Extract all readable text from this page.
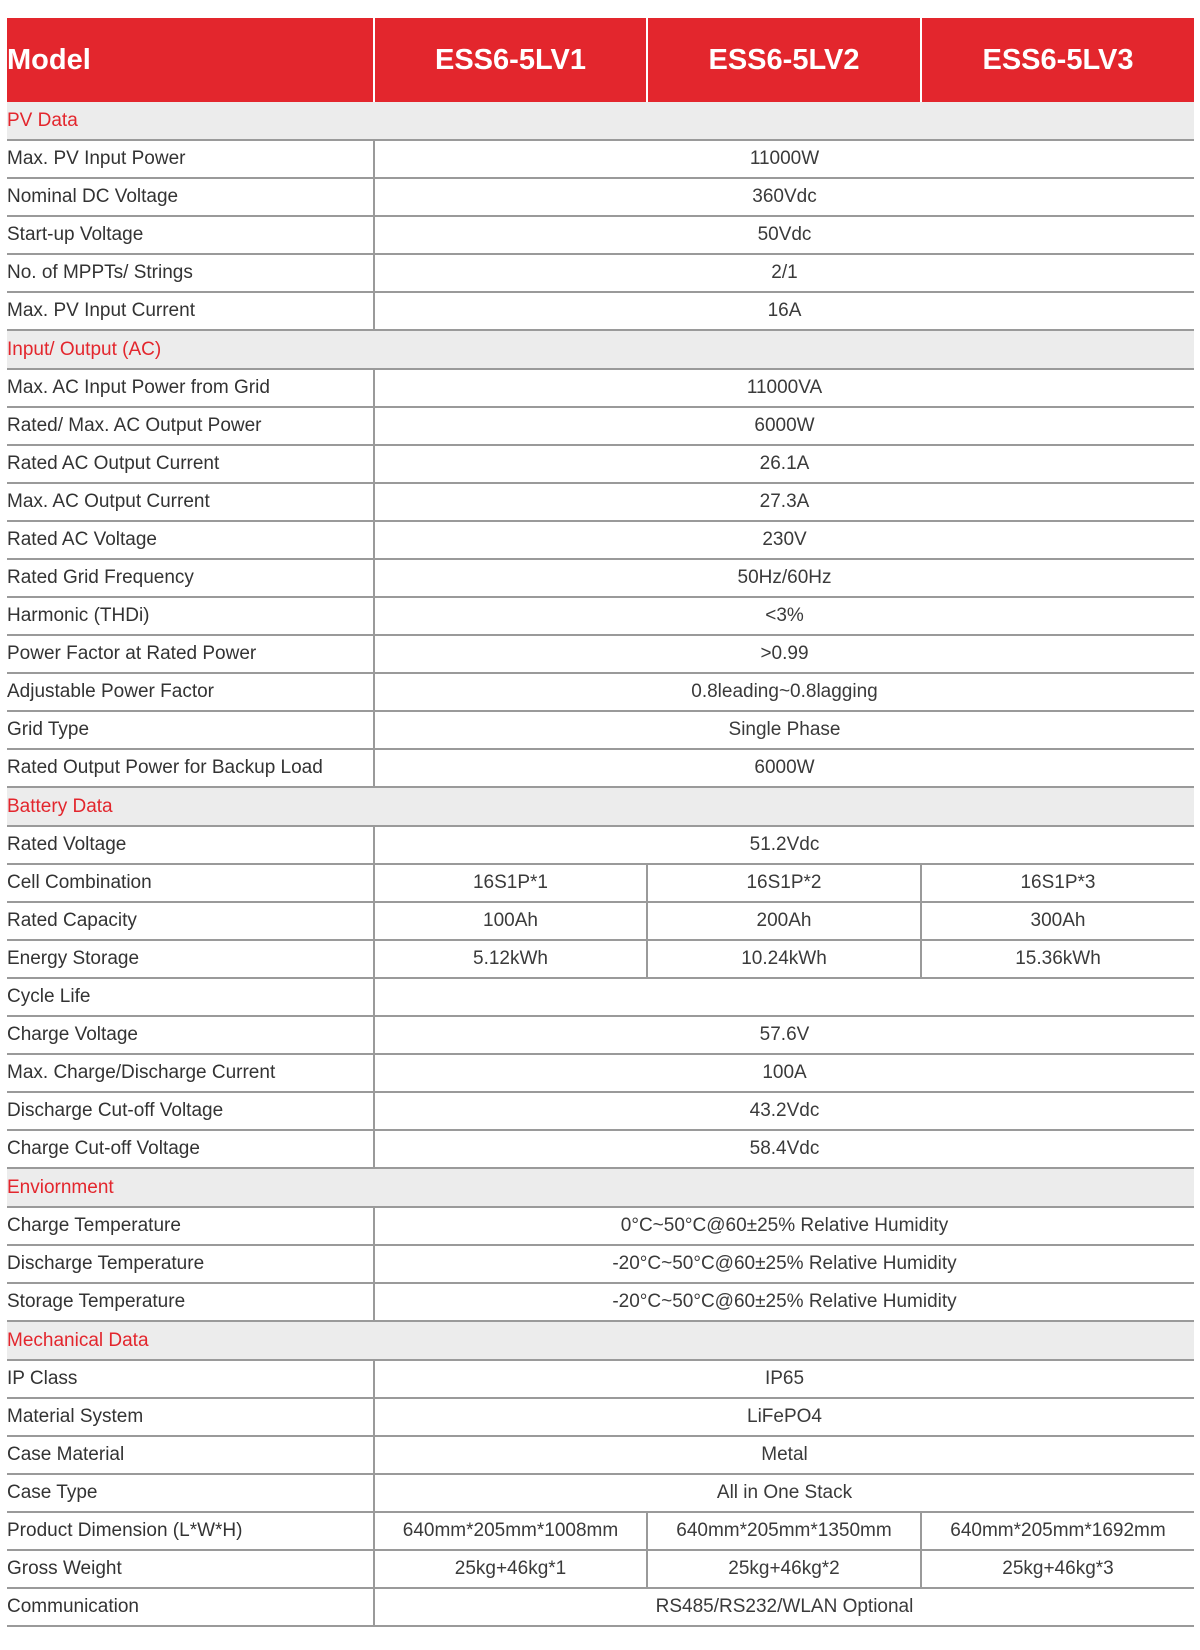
Model	ESS6-5LV1	ESS6-5LV2	ESS6-5LV3
PV Data			
Max. PV Input Power	11000W		
Nominal DC Voltage	360Vdc		
Start-up Voltage	50Vdc		
No. of MPPTs/ Strings	2/1		
Max. PV Input Current	16A		
Input/ Output (AC)			
Max. AC Input Power from Grid	11000VA		
Rated/ Max. AC Output Power	6000W		
Rated AC Output Current	26.1A		
Max. AC Output Current	27.3A		
Rated AC Voltage	230V		
Rated Grid Frequency	50Hz/60Hz		
Harmonic (THDi)	<3%		
Power Factor at Rated Power	>0.99		
Adjustable Power Factor	0.8leading~0.8lagging		
Grid Type	Single Phase		
Rated Output Power for Backup Load	6000W		
Battery Data			
Rated Voltage	51.2Vdc		
Cell Combination	16S1P*1	16S1P*2	16S1P*3
Rated Capacity	100Ah	200Ah	300Ah
Energy Storage	5.12kWh	10.24kWh	15.36kWh
Cycle Life			
Charge Voltage	57.6V		
Max. Charge/Discharge Current	100A		
Discharge Cut-off Voltage	43.2Vdc		
Charge Cut-off Voltage	58.4Vdc		
Enviornment			
Charge Temperature	0°C~50°C@60±25% Relative Humidity		
Discharge Temperature	-20°C~50°C@60±25% Relative Humidity		
Storage Temperature	-20°C~50°C@60±25% Relative Humidity		
Mechanical Data			
IP Class	IP65		
Material System	LiFePO4		
Case Material	Metal		
Case Type	All in One Stack		
Product Dimension (L*W*H)	640mm*205mm*1008mm	640mm*205mm*1350mm	640mm*205mm*1692mm
Gross Weight	25kg+46kg*1	25kg+46kg*2	25kg+46kg*3
Communication	RS485/RS232/WLAN Optional		
